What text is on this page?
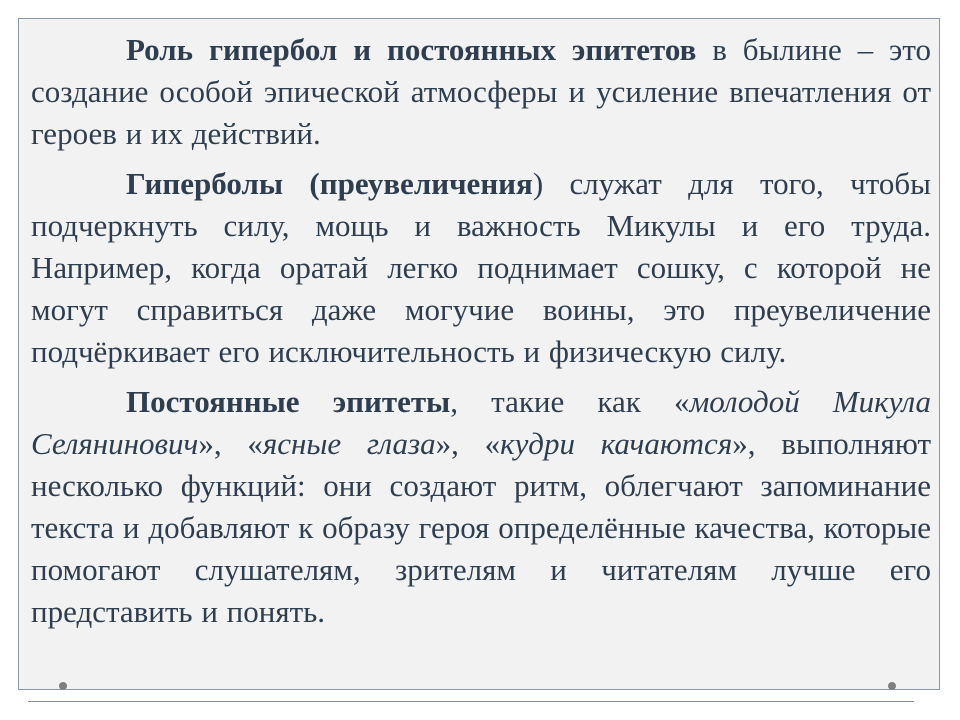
Роль гипербол и постоянных эпитетов в былине – это создание особой эпической атмосферы и усиление впечатления от героев и их действий.

Гиперболы (преувеличения) служат для того, чтобы подчеркнуть силу, мощь и важность Микулы и его труда. Например, когда оратай легко поднимает сошку, с которой не могут справиться даже могучие воины, это преувеличение подчёркивает его исключительность и физическую силу.

Постоянные эпитеты, такие как «молодой Микула Селянинович», «ясные глаза», «кудри качаются», выполняют несколько функций: они создают ритм, облегчают запоминание текста и добавляют к образу героя определённые качества, которые помогают слушателям, зрителям и читателям лучше его представить и понять.
